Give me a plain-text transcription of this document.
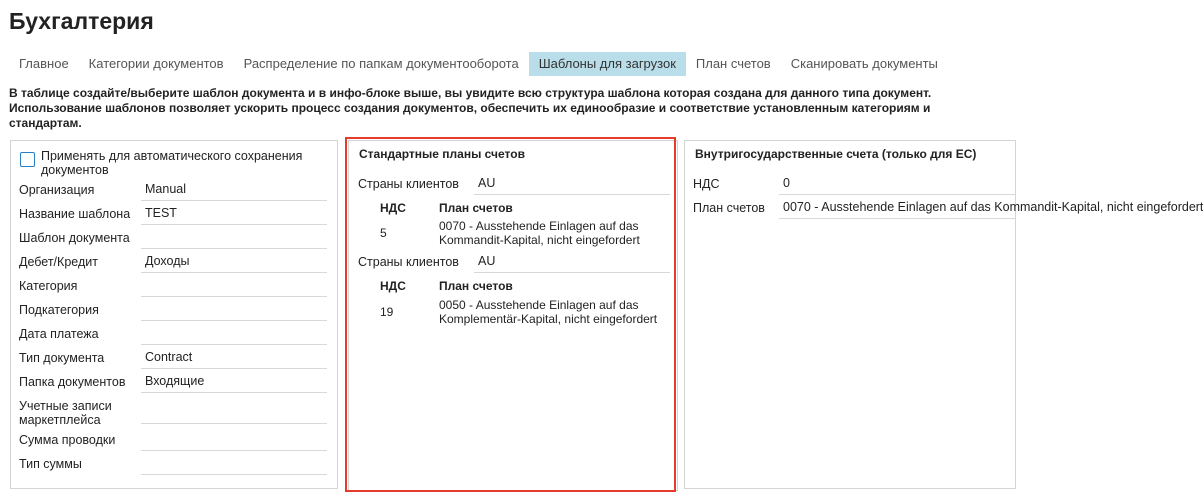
Бухгалтерия
Главное	Категории документов	Распределение по папкам документооборота	Шаблоны для загрузок	План счетов	Сканировать документы
В таблице создайте/выберите шаблон документа и в инфо-блоке выше, вы увидите всю структура шаблона которая создана для данного типа документ. Использование шаблонов позволяет ускорить процесс создания документов, обеспечить их единообразие и соответствие установленным категориям и стандартам.
Применять для автоматического сохранения документов
Организация	Manual
Название шаблона	TEST
Шаблон документа
Дебет/Кредит	Доходы
Категория
Подкатегория
Дата платежа
Тип документа	Contract
Папка документов	Входящие
Учетные записи маркетплейса
Сумма проводки
Тип суммы
Стандартные планы счетов
Страны клиентов	AU
НДС	План счетов
5	0070 - Ausstehende Einlagen auf das Kommandit-Kapital, nicht eingefordert
Страны клиентов	AU
НДС	План счетов
19	0050 - Ausstehende Einlagen auf das Komplementär-Kapital, nicht eingefordert
Внутригосударственные счета (только для ЕС)
НДС	0
План счетов	0070 - Ausstehende Einlagen auf das Kommandit-Kapital, nicht eingefordert
